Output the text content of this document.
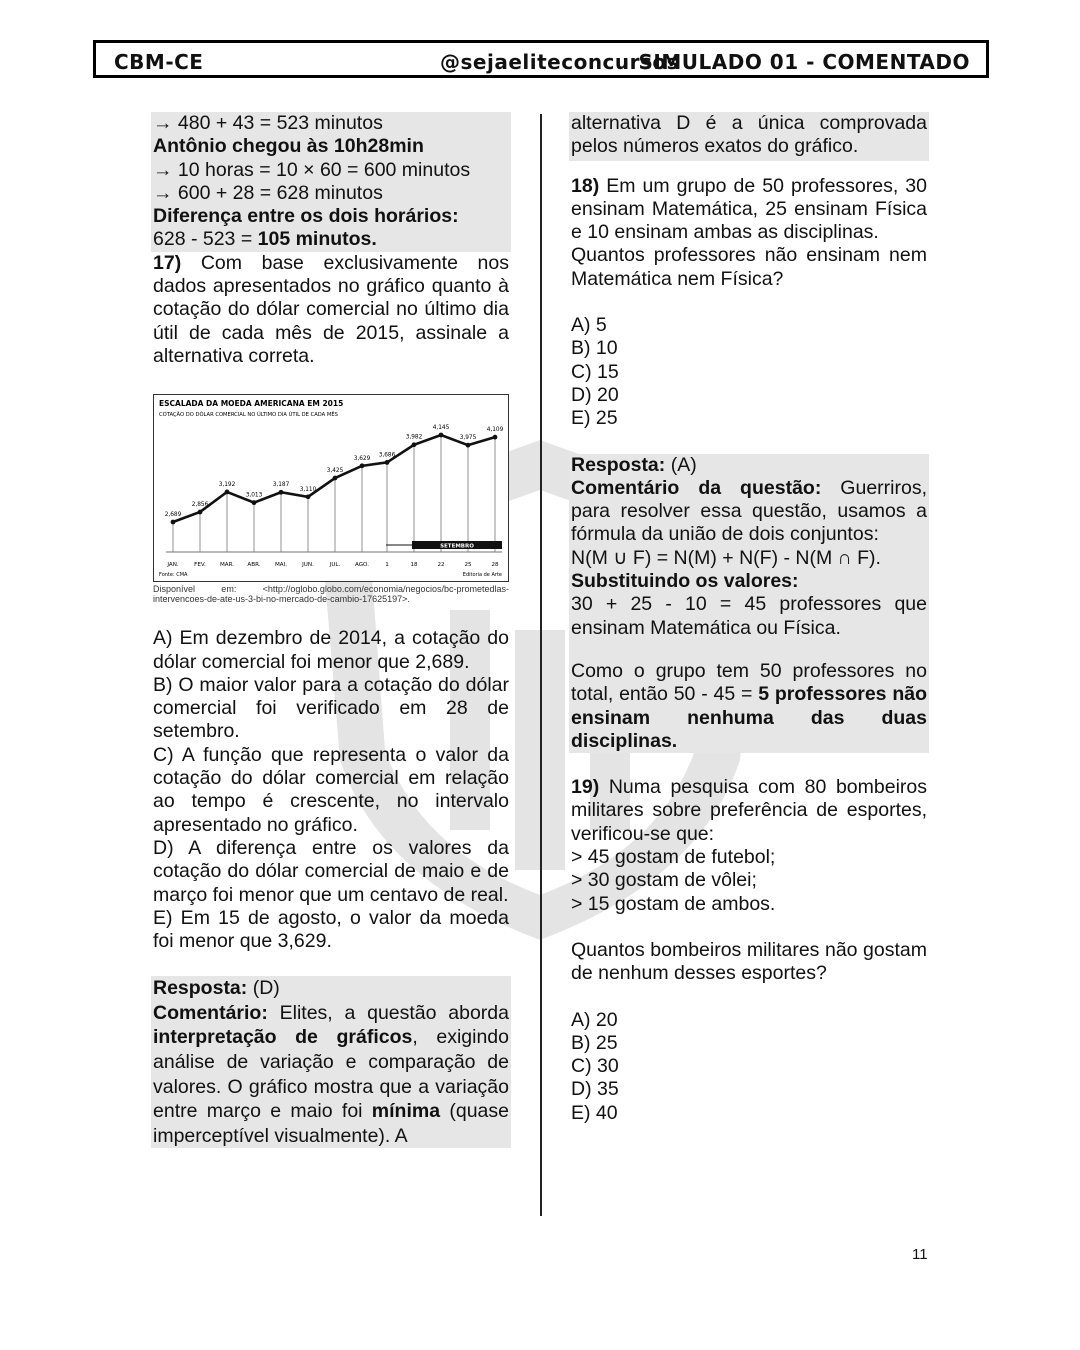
CBM-CE	@sejaeliteconcursos
SIMULADO 01 - COMENTADO

→ 480 + 43 = 523 minutos

Antônio chegou às 10h28min

→ 10 horas = 10 × 60 = 600 minutos

→ 600 + 28 = 628 minutos

Diferença entre os dois horários:

628 - 523 = 105 minutos.

17) Com base exclusivamente nos dados apresentados no gráfico quanto à cotação do dólar comercial no último dia útil de cada mês de 2015, assinale a alternativa correta.

ESCALADA DA MOEDA AMERICANA EM 2015
COTAÇÃO DO DÓLAR COMERCIAL NO ÚLTIMO DIA ÚTIL DE CADA MÊS
JAN.	FEV.	MAR. ABR.	MAI.	JUN.	JUL.	AGO.	1	18	22	25	28
SETEMBRO
2,689
2,856
3,192
3,013
3,187
3,110
3,425
3,629
3,686
3,982
4,145
3,975
4,109
Fonte: CMA	Editoria de Arte

Disponível em: <http://oglobo.globo.com/economia/negocios/bc-prometedlas-intervencoes-de-ate-us-3-bi-no-mercado-de-cambio-17625197>.

A) Em dezembro de 2014, a cotação do dólar comercial foi menor que 2,689.

B) O maior valor para a cotação do dólar comercial foi verificado em 28 de setembro.

C) A função que representa o valor da cotação do dólar comercial em relação ao tempo é crescente, no intervalo apresentado no gráfico.

D) A diferença entre os valores da cotação do dólar comercial de maio e de março foi menor que um centavo de real.

E) Em 15 de agosto, o valor da moeda foi menor que 3,629.

Resposta: (D)

Comentário: Elites, a questão aborda interpretação de gráficos, exigindo análise de variação e comparação de valores. O gráfico mostra que a variação entre março e maio foi mínima (quase imperceptível visualmente). A

alternativa D é a única comprovada pelos números exatos do gráfico.

18) Em um grupo de 50 professores, 30 ensinam Matemática, 25 ensinam Física e 10 ensinam ambas as disciplinas.

Quantos professores não ensinam nem Matemática nem Física?

A) 5

B) 10

C) 15

D) 20

E) 25

Resposta: (A)

Comentário da questão: Guerriros, para resolver essa questão, usamos a fórmula da união de dois conjuntos:

N(M ∪ F) = N(M) + N(F) - N(M ∩ F).

Substituindo os valores:

30 + 25 - 10 = 45 professores que ensinam Matemática ou Física.

Como o grupo tem 50 professores no total, então 50 - 45 = 5 professores não ensinam nenhuma das duas disciplinas.

19) Numa pesquisa com 80 bombeiros militares sobre preferência de esportes, verificou-se que:

> 45 gostam de futebol;

> 30 gostam de vôlei;

> 15 gostam de ambos.

Quantos bombeiros militares não gostam de nenhum desses esportes?

A) 20

B) 25

C) 30

D) 35

E) 40

11
